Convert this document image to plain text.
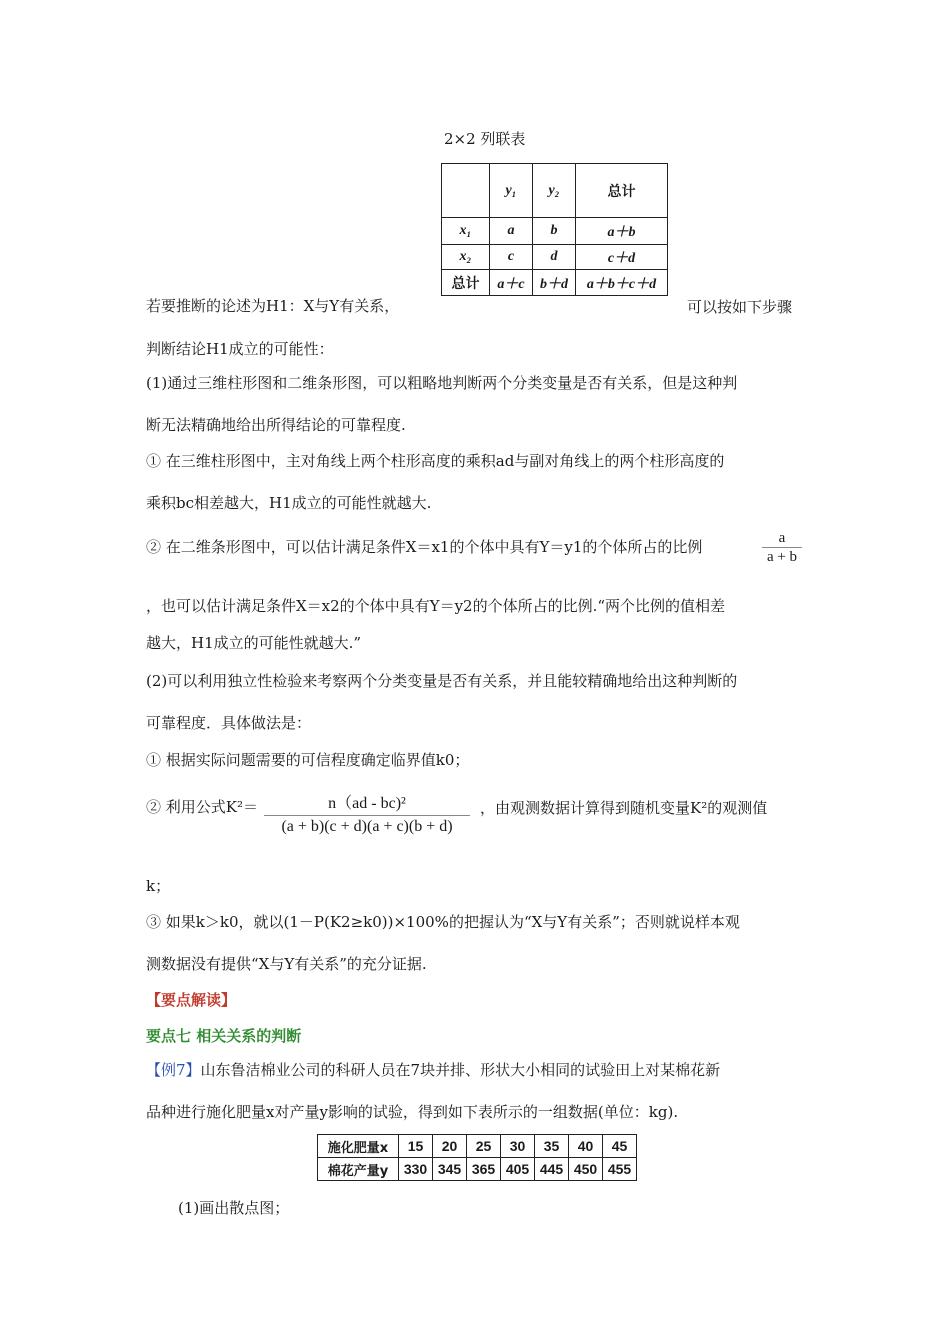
2×2 列联表
	y₁	y₂	总计
x₁	a	b	a＋b
x₂	c	d	c＋d
总计	a＋c	b＋d	a＋b＋c＋d
若要推断的论述为H1：X与Y有关系，	可以按如下步骤
判断结论H1成立的可能性：
(1)通过三维柱形图和二维条形图，可以粗略地判断两个分类变量是否有关系，但是这种判
断无法精确地给出所得结论的可靠程度.
① 在三维柱形图中，主对角线上两个柱形高度的乘积ad与副对角线上的两个柱形高度的
乘积bc相差越大，H1成立的可能性就越大.
② 在二维条形图中，可以估计满足条件X＝x1的个体中具有Y＝y1的个体所占的比例	a
a + b
，也可以估计满足条件X＝x2的个体中具有Y＝y2的个体所占的比例.“两个比例的值相差
越大，H1成立的可能性就越大.”
(2)可以利用独立性检验来考察两个分类变量是否有关系，并且能较精确地给出这种判断的
可靠程度．具体做法是：
① 根据实际问题需要的可信程度确定临界值k0；
② 利用公式K²＝	n（ad - bc)²
(a + b)(c + d)(a + c)(b + d)
，由观测数据计算得到随机变量K²的观测值
k；
③ 如果k＞k0，就以(1－P(K2≥k0))×100%的把握认为“X与Y有关系”；否则就说样本观
测数据没有提供“X与Y有关系”的充分证据.
【要点解读】
要点七 相关关系的判断
【例7】山东鲁洁棉业公司的科研人员在7块并排、形状大小相同的试验田上对某棉花新
品种进行施化肥量x对产量y影响的试验，得到如下表所示的一组数据(单位：kg).
施化肥量x	15	20	25	30	35	40	45
棉花产量y	330	345	365	405	445	450	455
(1)画出散点图；
